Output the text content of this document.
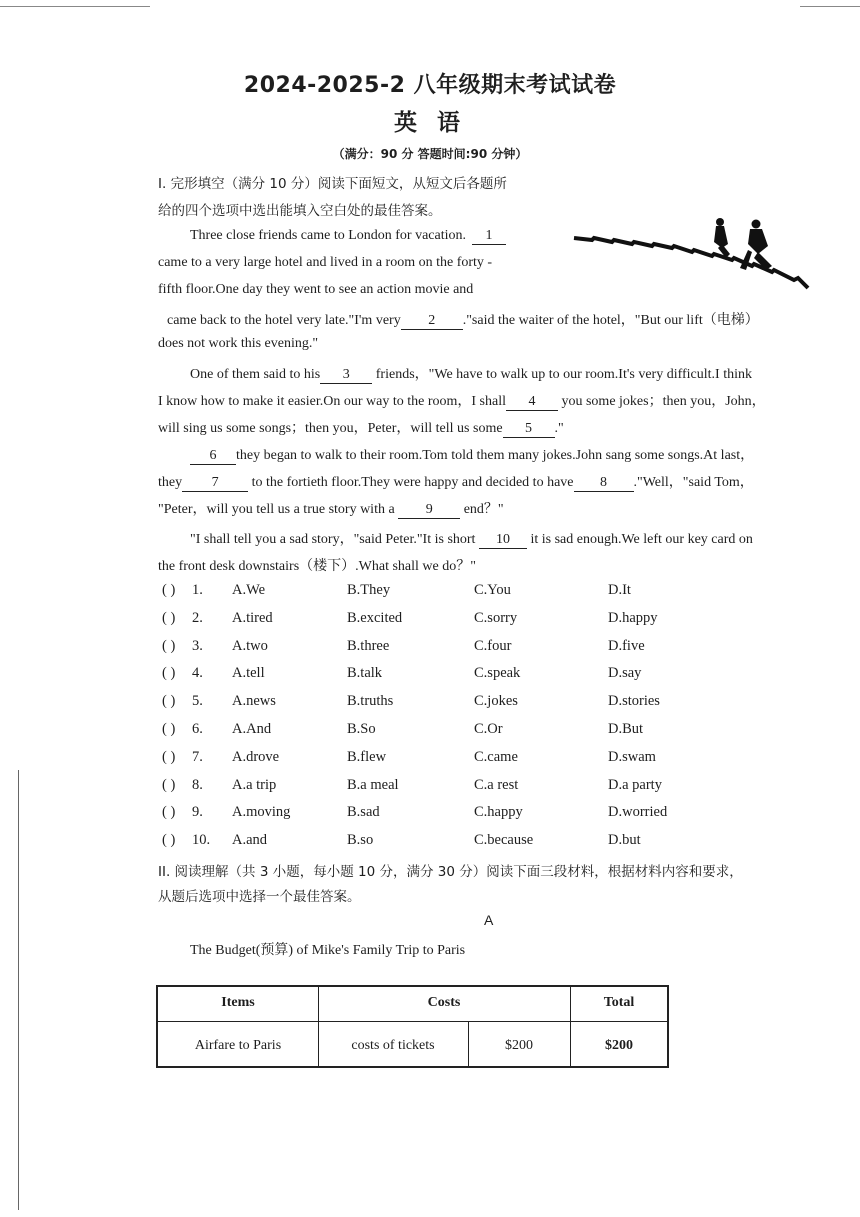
2024-2025-2 八年级期末考试试卷
英 语
（满分：90 分 答题时间:90 分钟）
I. 完形填空（满分 10 分）阅读下面短文，从短文后各题所
给的四个选项中选出能填入空白处的最佳答案。
Three close friends came to London for vacation. 1
came to a very large hotel and lived in a room on the forty -
fifth floor.One day they went to see an action movie and
came back to the hotel very late."I'm very 2 ."said the waiter of the hotel，"But our lift（电梯）
does not work this evening."
One of them said to his 3 friends，"We have to walk up to our room.It's very difficult.I think
I know how to make it easier.On our way to the room，I shall 4 you some jokes；then you，John，
will sing us some songs；then you，Peter，will tell us some 5 ."
6 they began to walk to their room.Tom told them many jokes.John sang some songs.At last，
they 7 to the fortieth floor.They were happy and decided to have 8 ."Well，"said Tom，
"Peter，will you tell us a true story with a 9 end？"
"I shall tell you a sad story，"said Peter."It is short 10 it is sad enough.We left our key card on
the front desk downstairs（楼下）.What shall we do？"
( ) 1. A.We	B.They	C.You	D.It
( ) 2. A.tired	B.excited	C.sorry	D.happy
( ) 3. A.two	B.three	C.four	D.five
( ) 4. A.tell	B.talk	C.speak	D.say
( ) 5. A.news	B.truths	C.jokes	D.stories
( ) 6. A.And	B.So	C.Or	D.But
( ) 7. A.drove	B.flew	C.came	D.swam
( ) 8. A.a trip	B.a meal	C.a rest	D.a party
( ) 9. A.moving	B.sad	C.happy	D.worried
( ) 10. A.and	B.so	C.because	D.but
II. 阅读理解（共 3 小题，每小题 10 分，满分 30 分）阅读下面三段材料，根据材料内容和要求，
从题后选项中选择一个最佳答案。
A
The Budget(预算) of Mike's Family Trip to Paris
Items	Costs	Total
Airfare to Paris	costs of tickets	$200	$200
